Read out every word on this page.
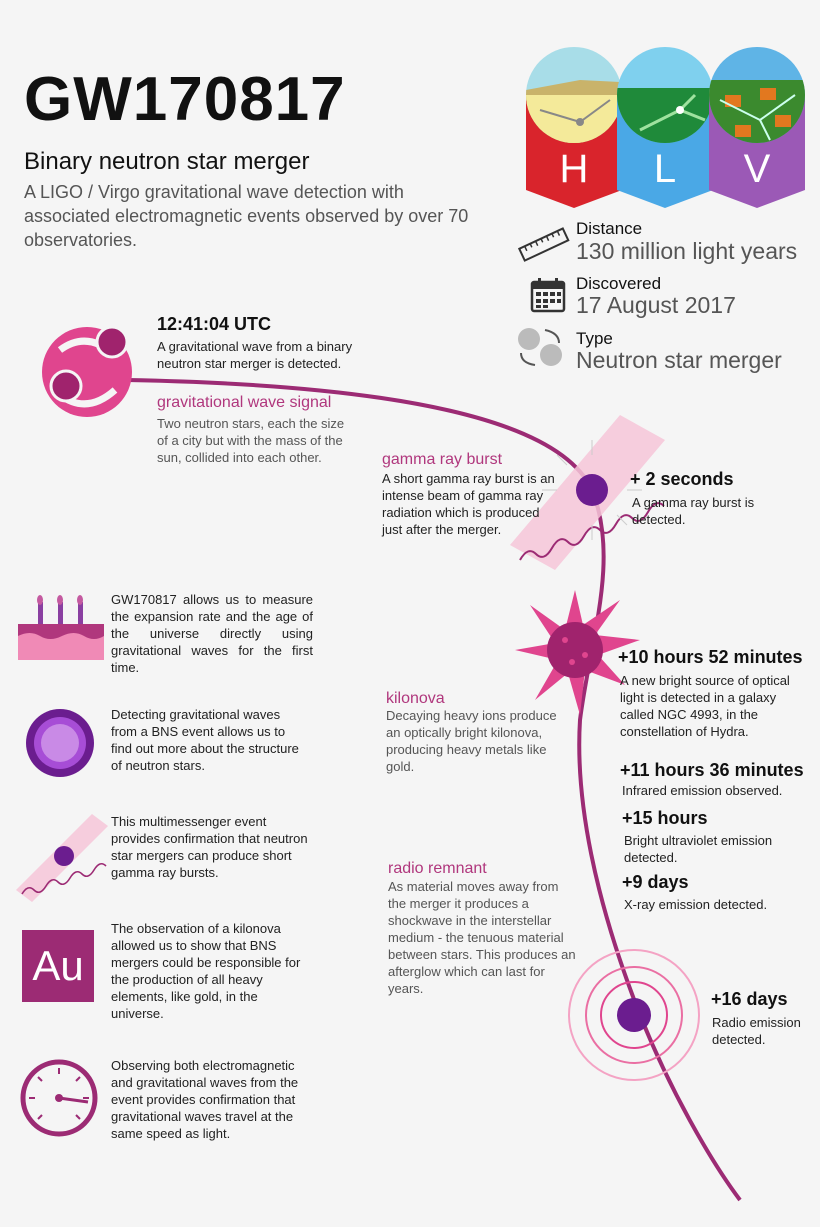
GW170817
Binary neutron star merger
A LIGO / Virgo gravitational wave detection with associated electromagnetic events observed by over 70 observatories.
H L V
Distance
130 million light years
Discovered
17 August 2017
Type
Neutron star merger
12:41:04 UTC
A gravitational wave from a binary neutron star merger is detected.
gravitational wave signal
Two neutron stars, each the size of a city but with the mass of the sun, collided into each other.	gamma ray burst
A short gamma ray burst is an intense beam of gamma ray radiation which is produced just after the merger.
+ 2 seconds
A gamma ray burst is detected.
+10 hours 52 minutes
A new bright source of optical light is detected in a galaxy called NGC 4993, in the constellation of Hydra.
kilonova
Decaying heavy ions produce an optically bright kilonova, producing heavy metals like gold.	+11 hours 36 minutes
Infrared emission observed.
+15 hours
Bright ultraviolet emission detected.
+9 days
X-ray emission detected.
radio remnant
As material moves away from the merger it produces a shockwave in the interstellar medium - the tenuous material between stars. This produces an afterglow which can last for years.
+16 days
Radio emission detected.
GW170817 allows us to measure the expansion rate and the age of the universe directly using gravitational waves for the first time.
Detecting gravitational waves from a BNS event allows us to find out more about the structure of neutron stars.
This multimessenger event provides confirmation that neutron star mergers can produce short gamma ray bursts.
Au
The observation of a kilonova allowed us to show that BNS mergers could be responsible for the production of all heavy elements, like gold, in the universe.
Observing both electromagnetic and gravitational waves from the event provides confirmation that gravitational waves travel at the same speed as light.
